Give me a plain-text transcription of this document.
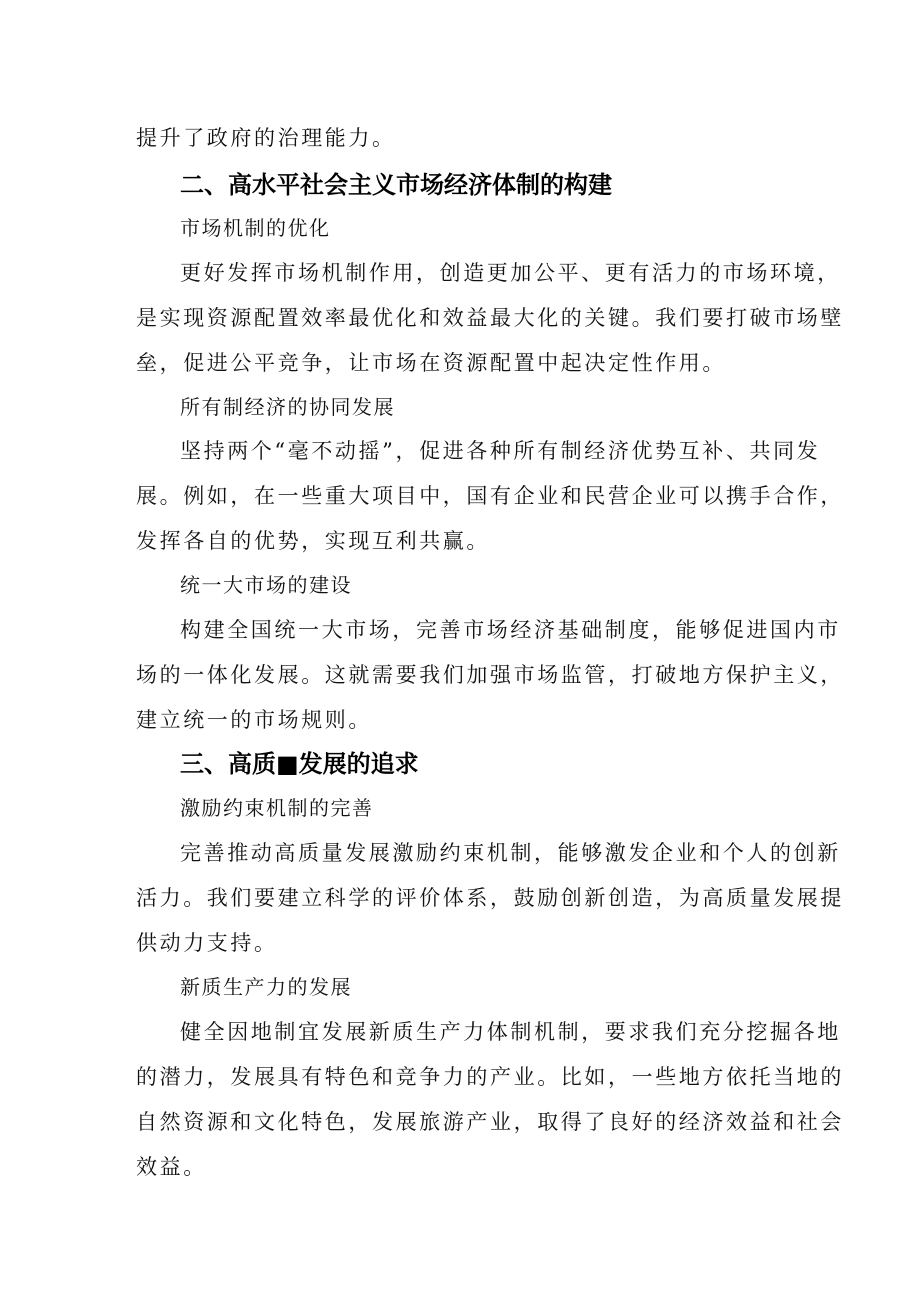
提升了政府的治理能力。
二、高水平社会主义市场经济体制的构建
市场机制的优化
更好发挥市场机制作用，创造更加公平、更有活力的市场环境，
是实现资源配置效率最优化和效益最大化的关键。我们要打破市场壁
垒，促进公平竞争，让市场在资源配置中起决定性作用。
所有制经济的协同发展
坚持两个“毫不动摇”，促进各种所有制经济优势互补、共同发
展。例如，在一些重大项目中，国有企业和民营企业可以携手合作，
发挥各自的优势，实现互利共赢。
统一大市场的建设
构建全国统一大市场，完善市场经济基础制度，能够促进国内市
场的一体化发展。这就需要我们加强市场监管，打破地方保护主义，
建立统一的市场规则。
三、高质■发展的追求
激励约束机制的完善
完善推动高质量发展激励约束机制，能够激发企业和个人的创新
活力。我们要建立科学的评价体系，鼓励创新创造，为高质量发展提
供动力支持。
新质生产力的发展
健全因地制宜发展新质生产力体制机制，要求我们充分挖掘各地
的潜力，发展具有特色和竞争力的产业。比如，一些地方依托当地的
自然资源和文化特色，发展旅游产业，取得了良好的经济效益和社会
效益。
